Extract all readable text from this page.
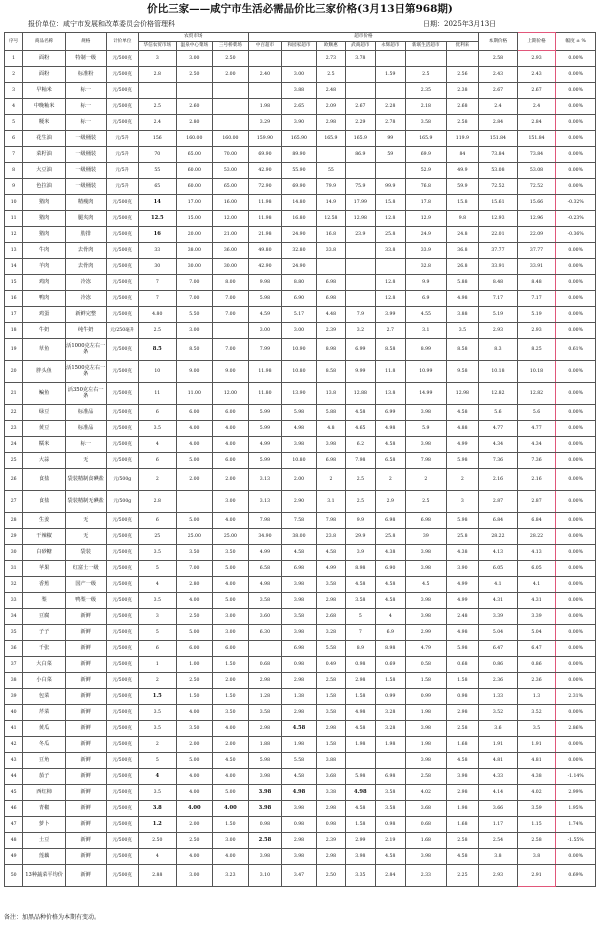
价比三家——咸宁市生活必需品价比三家价格(3月13日第968期)
报价单位：咸宁市发展和改革委员会价格管理科	日期：2025年3月13日
序号	商品名称	规格	计价单位	农贸市场			超市价格							本期价格	上期价格	幅度 ± %
				华信农贸市场	温泉中心菜场	三号桥菜场	中百超市	和园家超市	欧顺惠	武商超市	永辉超市	新联生活超市	优利来			
1	面粉	特制一级	元/500克	3	3.00	2.50			2.73	3.78				2.58	2.93	0.00%
2	面粉	标准粉	元/500克	2.8	2.50	2.00	2.40	3.00	2.5		1.59	2.5	2.56	2.43	2.43	0.00%
3	早籼米	标一	元/500克					3.88	2.48			2.35	2.38	2.67	2.67	0.00%
4	中晚籼米	标一	元/500克	2.5	2.60		1.98	2.65	2.09	2.67	2.28	2.18	2.68	2.4	2.4	0.00%
5	粳米	标一	元/500克	2.4	2.80		3.29	3.90	2.98	2.29	2.78	3.58	2.58	2.84	2.84	0.00%
6	花生油	一级桶装	元/5升	156	160.00	160.00	159.90	165.90	165.9	165.9	99	165.9	119.9	151.84	151.84	0.00%
7	菜籽油	一级桶装	元/5升	70	65.00	70.00	69.90	89.90		86.9	59	69.9	84	73.84	73.84	0.00%
8	大豆油	一级桶装	元/5升	55	60.00	53.00	42.90	55.90	55			52.9	49.9	53.08	53.08	0.00%
9	色拉油	一级桶装	元/5升	65	60.00	65.00	72.90	69.90	79.9	75.9	99.9	76.8	59.9	72.52	72.52	0.00%
10	猪肉	精瘦肉	元/500克	14	17.00	16.00	11.98	14.80	14.9	17.99	15.8	17.8	15.8	15.61	15.66	-0.32%
11	猪肉	腿夹肉	元/500克	12.5	15.00	12.00	11.98	16.80	12.58	12.98	12.8	12.9	9.8	12.93	12.96	-0.23%
12	猪肉	肋排	元/500克	16	20.00	21.00	21.98	24.90	16.8	23.9	25.8	24.9	24.8	22.01	22.09	-0.36%
13	牛肉	去骨肉	元/500克	33	38.00	36.00	49.80	32.80	33.8		33.8	33.9	36.8	37.77	37.77	0.00%
14	羊肉	去骨肉	元/500克	30	30.00	30.00	42.90	24.90				32.8	26.8	33.91	33.91	0.00%
15	鸡肉	冷冻	元/500克	7	7.00	8.00	9.98	8.80	6.98		12.8	9.9	5.88	8.48	8.48	0.00%
16	鸭肉	冷冻	元/500克	7	7.00	7.00	5.98	6.90	6.98		12.8	6.9	4.98	7.17	7.17	0.00%
17	鸡蛋	新鲜完整	元/500克	4.80	5.50	7.00	4.59	5.17	4.48	7.9	3.99	4.55	3.88	5.19	5.19	0.00%
18	牛奶	纯牛奶	元/250毫升	2.5	3.00		3.00	3.00	2.39	3.2	2.7	3.1	3.5	2.93	2.93	0.00%
19	草鱼	活1000克左右一条	元/500克	8.5	8.50	7.00	7.99	10.90	8.98	6.99	8.58	8.99	8.58	8.3	8.25	0.61%
20	胖头鱼	活1500克左右一条	元/500克	10	9.00	9.00	11.98	10.80	8.58	9.99	11.8	10.99	9.58	10.18	10.18	0.00%
21	鳊鱼	活350克左右一条	元/500克	11	11.00	12.00	11.80	13.90	13.8	12.88	13.8	14.99	12.98	12.82	12.82	0.00%
22	绿豆	标准品	元/500克	6	6.00	6.00	5.99	5.98	5.88	4.58	6.99	3.98	4.58	5.6	5.6	0.00%
23	黄豆	标准品	元/500克	3.5	4.00	4.00	5.99	4.98	4.8	4.65	4.98	5.9	4.88	4.77	4.77	0.00%
24	糯米	标一	元/500克	4	4.00	4.00	4.99	3.98	3.98	6.2	4.58	3.98	4.99	4.34	4.34	0.00%
25	大蒜	无	元/500克	6	5.00	6.00	5.99	10.80	6.98	7.98	6.58	7.98	5.98	7.36	7.36	0.00%
26	食盐	袋装精制食碘盐	元/500g	2	2.00	2.00	3.13	2.00	2	2.5	2	2	2	2.16	2.16	0.00%
27	食盐	袋装精制无碘盐	元/500g	2.8		3.00	3.13	2.90	3.1	2.5	2.9	2.5	3	2.87	2.87	0.00%
28	生姜	无	元/500克	6	5.00	4.00	7.98	7.58	7.98	9.9	6.98	6.98	5.98	6.84	6.84	0.00%
29	干辣椒	无	元/500克	25	25.00	25.00	34.90	38.00	23.8	29.9	25.8	39	25.8	28.22	28.22	0.00%
30	白砂糖	袋装	元/500克	3.5	3.50	3.50	4.99	4.58	4.58	3.9	4.38	3.98	4.38	4.13	4.13	0.00%
31	苹果	红富士一级	元/500克	5	7.00	5.00	6.58	6.98	4.99	8.98	6.90	3.98	3.90	6.05	6.05	0.00%
32	香蕉	国产一级	元/500克	4	2.80	4.00	4.98	3.98	3.58	4.58	4.58	4.5	4.99	4.1	4.1	0.00%
33	梨	鸭梨一级	元/500克	3.5	4.00	5.00	3.58	3.98	2.98	3.58	4.58	3.98	4.99	4.31	4.31	0.00%
34	豆腐	新鲜	元/500克	3	2.50	3.00	3.60	3.58	2.68	5	4	3.98	2.48	3.39	3.39	0.00%
35	子子	新鲜	元/500克	5	5.00	3.00	6.30	3.98	3.28	7	6.9	2.99	4.98	5.04	5.04	0.00%
36	千张	新鲜	元/500克	6	6.00	6.00		6.98	5.58	8.9	8.98	4.79	5.98	6.47	6.47	0.00%
37	大白菜	新鲜	元/500克	1	1.00	1.50	0.68	0.98	0.49	0.98	0.69	0.58	0.68	0.86	0.86	0.00%
38	小白菜	新鲜	元/500克	2	2.50	2.00	2.98	2.98	2.58	2.98	1.58	1.58	1.58	2.36	2.36	0.00%
39	包菜	新鲜	元/500克	1.5	1.50	1.50	1.28	1.38	1.58	1.58	0.99	0.99	0.98	1.33	1.3	2.31%
40	芹菜	新鲜	元/500克	3.5	4.00	3.50	3.58	2.98	3.58	4.98	3.28	1.98	2.98	3.52	3.52	0.00%
41	黄瓜	新鲜	元/500克	3.5	3.50	4.00	2.98	4.58	2.98	4.58	3.28	3.98	2.58	3.6	3.5	2.86%
42	冬瓜	新鲜	元/500克	2	2.00	2.00	1.88	1.98	1.58	1.98	1.98	1.98	1.68	1.91	1.91	0.00%
43	豆角	新鲜	元/500克	5	5.00	4.50	5.98	5.58	3.88			3.98	4.58	4.81	4.81	0.00%
44	茄子	新鲜	元/500克	4	4.00	4.00	3.98	4.58	3.68	5.98	6.98	2.58	3.98	4.33	4.38	-1.14%
45	西红柿	新鲜	元/500克	3.5	4.00	5.00	3.98	4.98	3.38	4.98	3.58	4.02	2.98	4.14	4.02	2.99%
46	青椒	新鲜	元/500克	3.8	4.00	4.00	3.98	3.98	2.98	4.58	3.58	3.68	1.98	3.66	3.59	1.95%
47	萝卜	新鲜	元/500克	1.2	2.00	1.50	0.98	0.98	0.98	1.58	0.98	0.68	1.68	1.17	1.15	1.74%
48	土豆	新鲜	元/500克	2.50	2.50	3.00	2.58	2.98	2.39	2.99	2.19	1.68	2.58	2.54	2.58	-1.55%
49	莲藕	新鲜	元/500克	4	4.00	4.00	3.98	3.98	2.98	3.98	4.58	3.98	4.58	3.8	3.8	0.00%
50	13种蔬菜平均价	新鲜	元/500克	2.88	3.00	3.23	3.10	3.47	2.50	3.35	2.84	2.33	2.25	2.93	2.91	0.69%
备注：加黑品种价格为本期有变动。
